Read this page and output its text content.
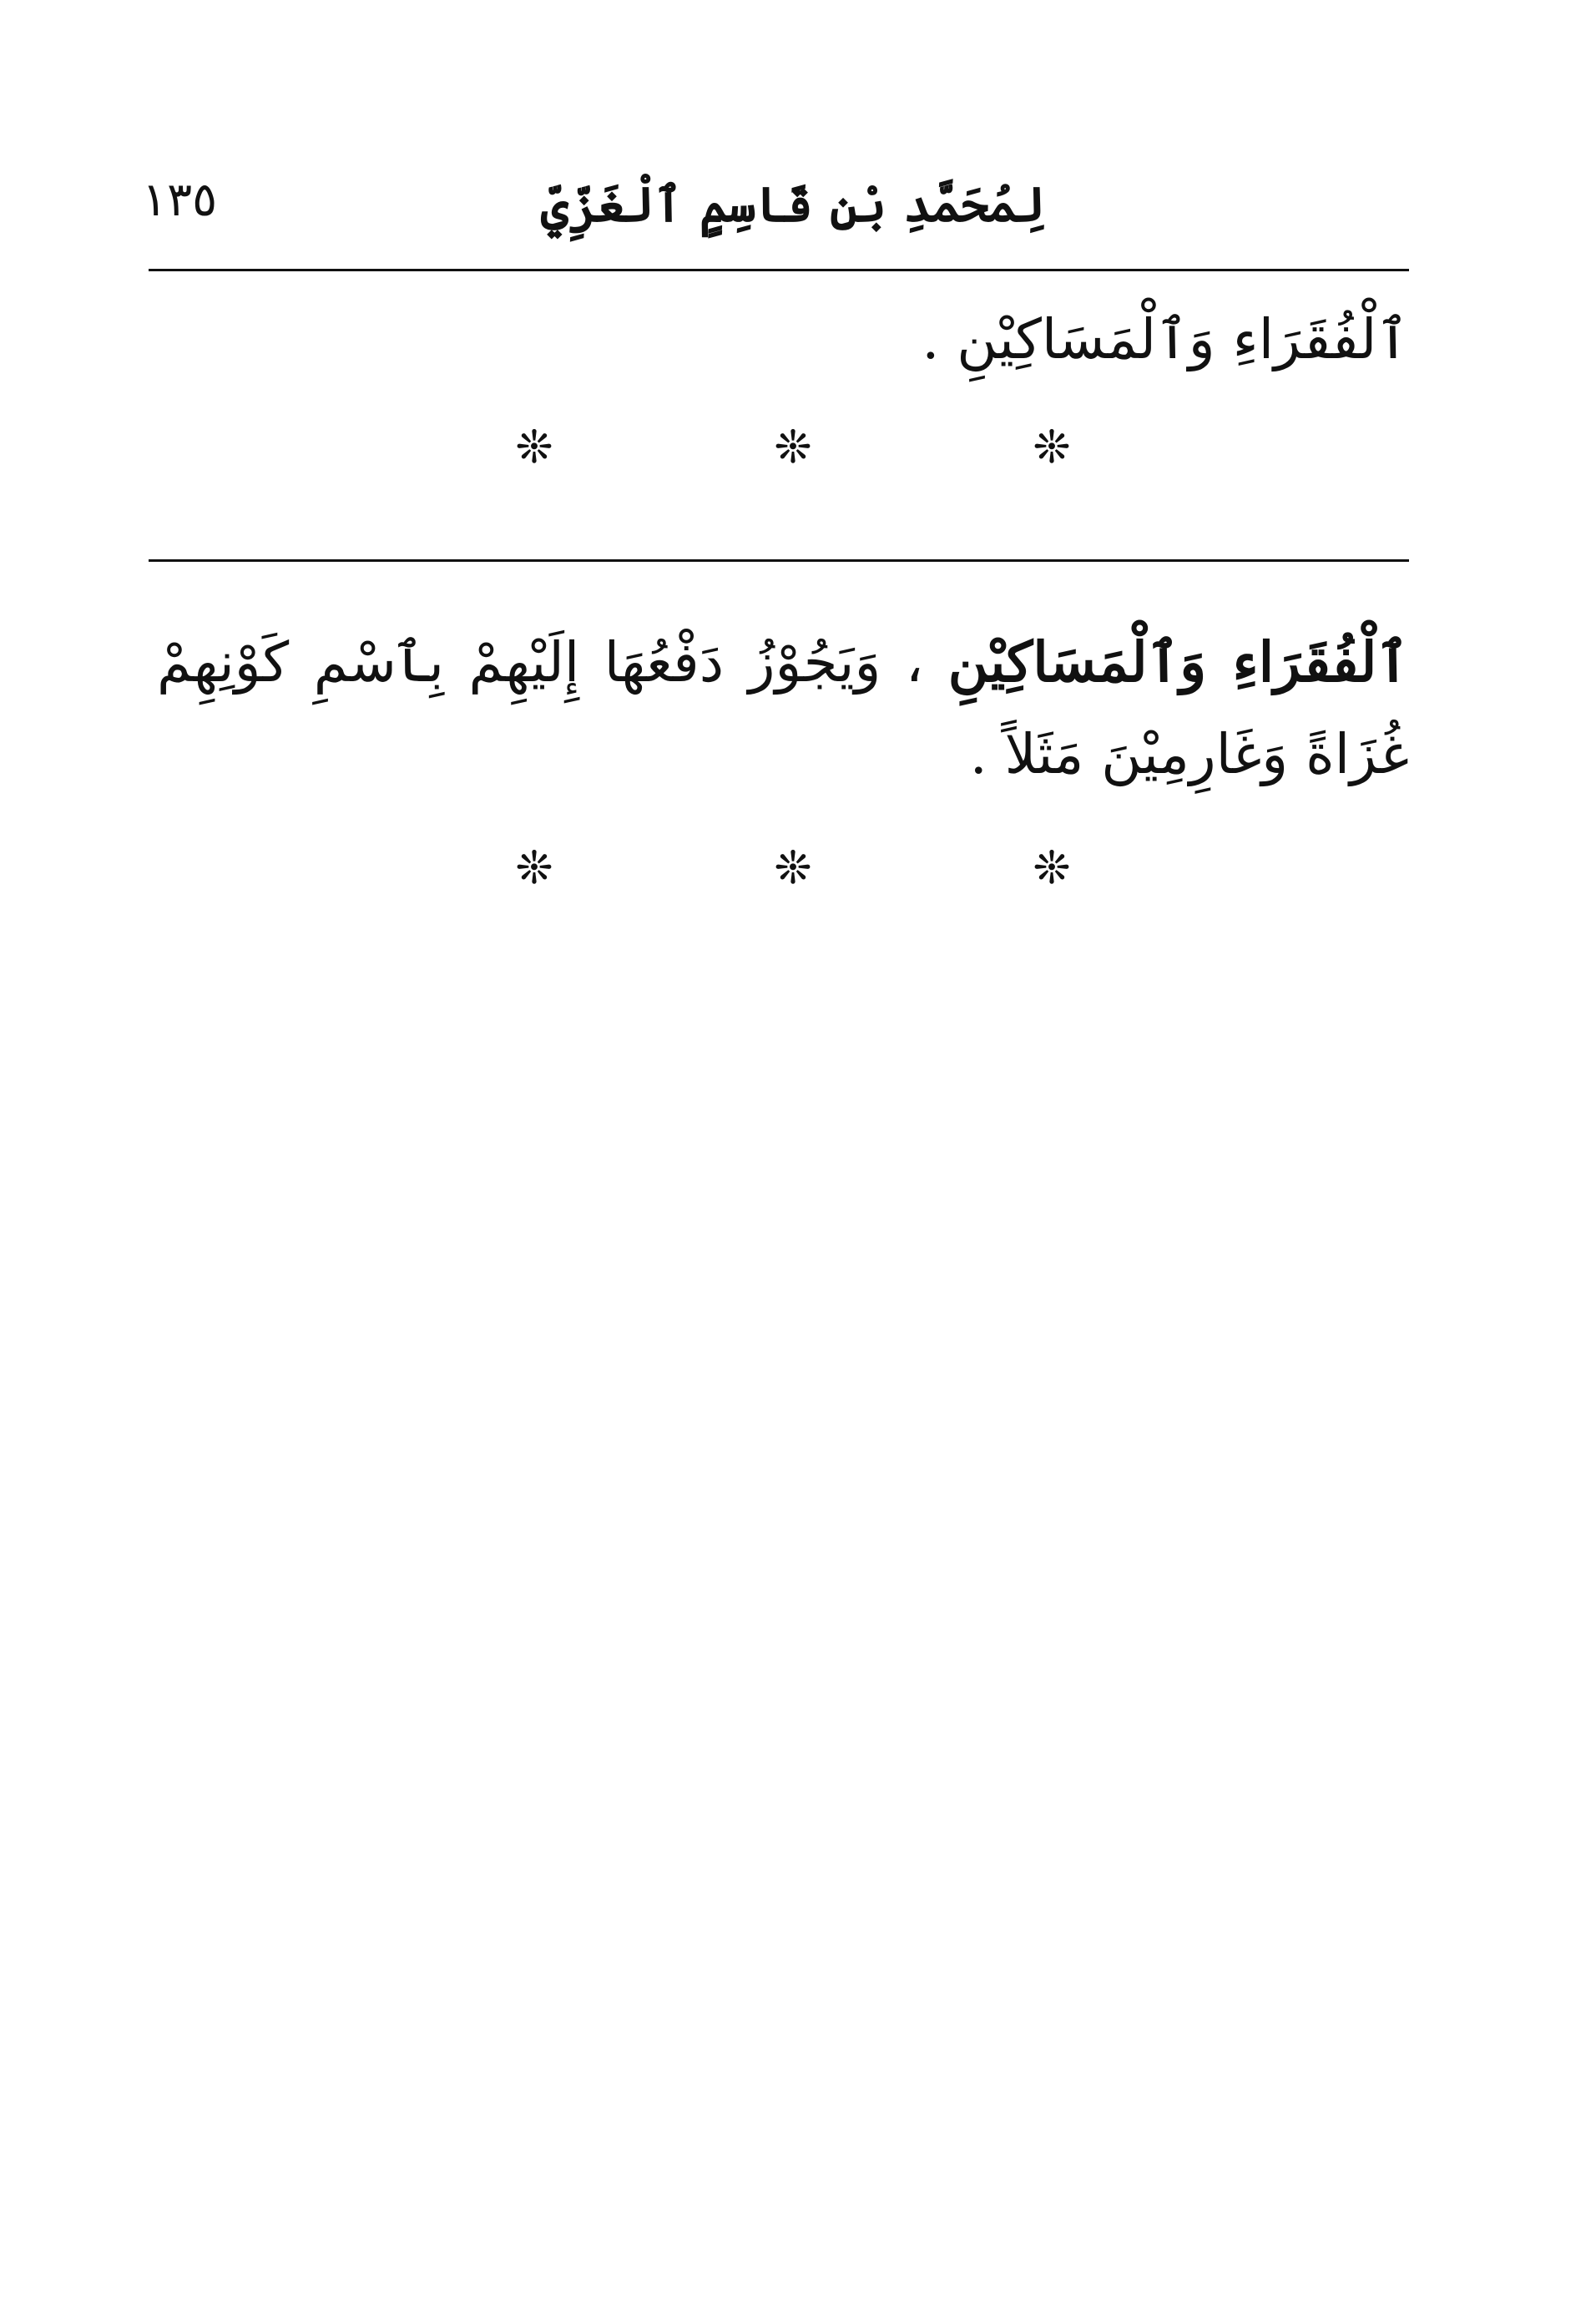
١٣٥	لِمُحَمَّدِ بْنِ قَاسِمٍ ٱلْغَزِّيِّ
ٱلْفُقَرَاءِ وَٱلْمَسَاكِيْنِ .
❊	❊	❊
ٱلْفُقَرَاءِ وَٱلْمَسَاكِيْنِ ، وَيَجُوْزُ دَفْعُهَا إِلَيْهِمْ بِٱسْمِ كَوْنِهِمْ غُزَاةً وَغَارِمِيْنَ مَثَلاً .
❊	❊	❊
